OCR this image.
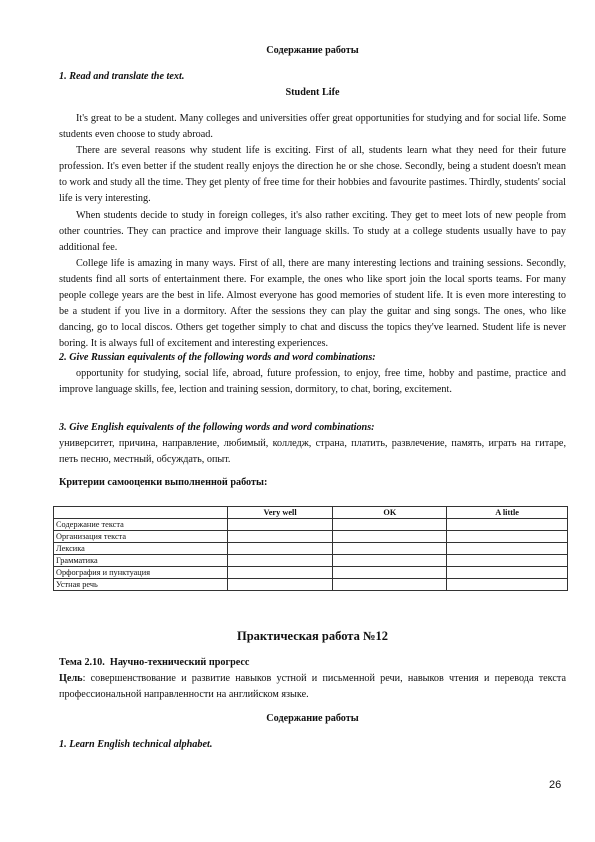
Содержание работы
1. Read and translate the text.
Student Life

It's great to be a student. Many colleges and universities offer great opportunities for studying and for social life. Some students even choose to study abroad.

There are several reasons why student life is exciting. First of all, students learn what they need for their future profession. It's even better if the student really enjoys the direction he or she chose. Secondly, being a student doesn't mean to work and study all the time. They get plenty of free time for their hobbies and favourite pastimes. Thirdly, students' social life is very interesting.

When students decide to study in foreign colleges, it's also rather exciting. They get to meet lots of new people from other countries. They can practice and improve their language skills. To study at a college students usually have to pay additional fee.

College life is amazing in many ways. First of all, there are many interesting lections and training sessions. Secondly, students find all sorts of entertainment there. For example, the ones who like sport join the local sports teams. For many people college years are the best in life. Almost everyone has good memories of student life. It is even more interesting to be a student if you live in a dormitory. After the sessions they can play the guitar and sing songs. The ones, who like dancing, go to local discos. Others get together simply to chat and discuss the topics they've learned. Student life is never boring. It is always full of excitement and interesting experiences.

2. Give Russian equivalents of the following words and word combinations:

opportunity for studying, social life, abroad, future profession, to enjoy, free time, hobby and pastime, practice and improve language skills, fee, lection and training session, dormitory, to chat, boring, excitement.

3. Give English equivalents of the following words and word combinations:

университет, причина, направление, любимый, колледж, страна, платить, развлечение, память, играть на гитаре, петь песню, местный, обсуждать, опыт.

Критерии самооценки выполненной работы:
	Very well	OK	A little
Содержание текста			
Организация текста			
Лексика			
Грамматика			
Орфография и пунктуация			
Устная речь			
Практическая работа №12
Тема 2.10. Научно-технический прогресс

Цель: совершенствование и развитие навыков устной и письменной речи, навыков чтения и перевода текста профессиональной направленности на английском языке.

Содержание работы
1. Learn English technical alphabet.
26
